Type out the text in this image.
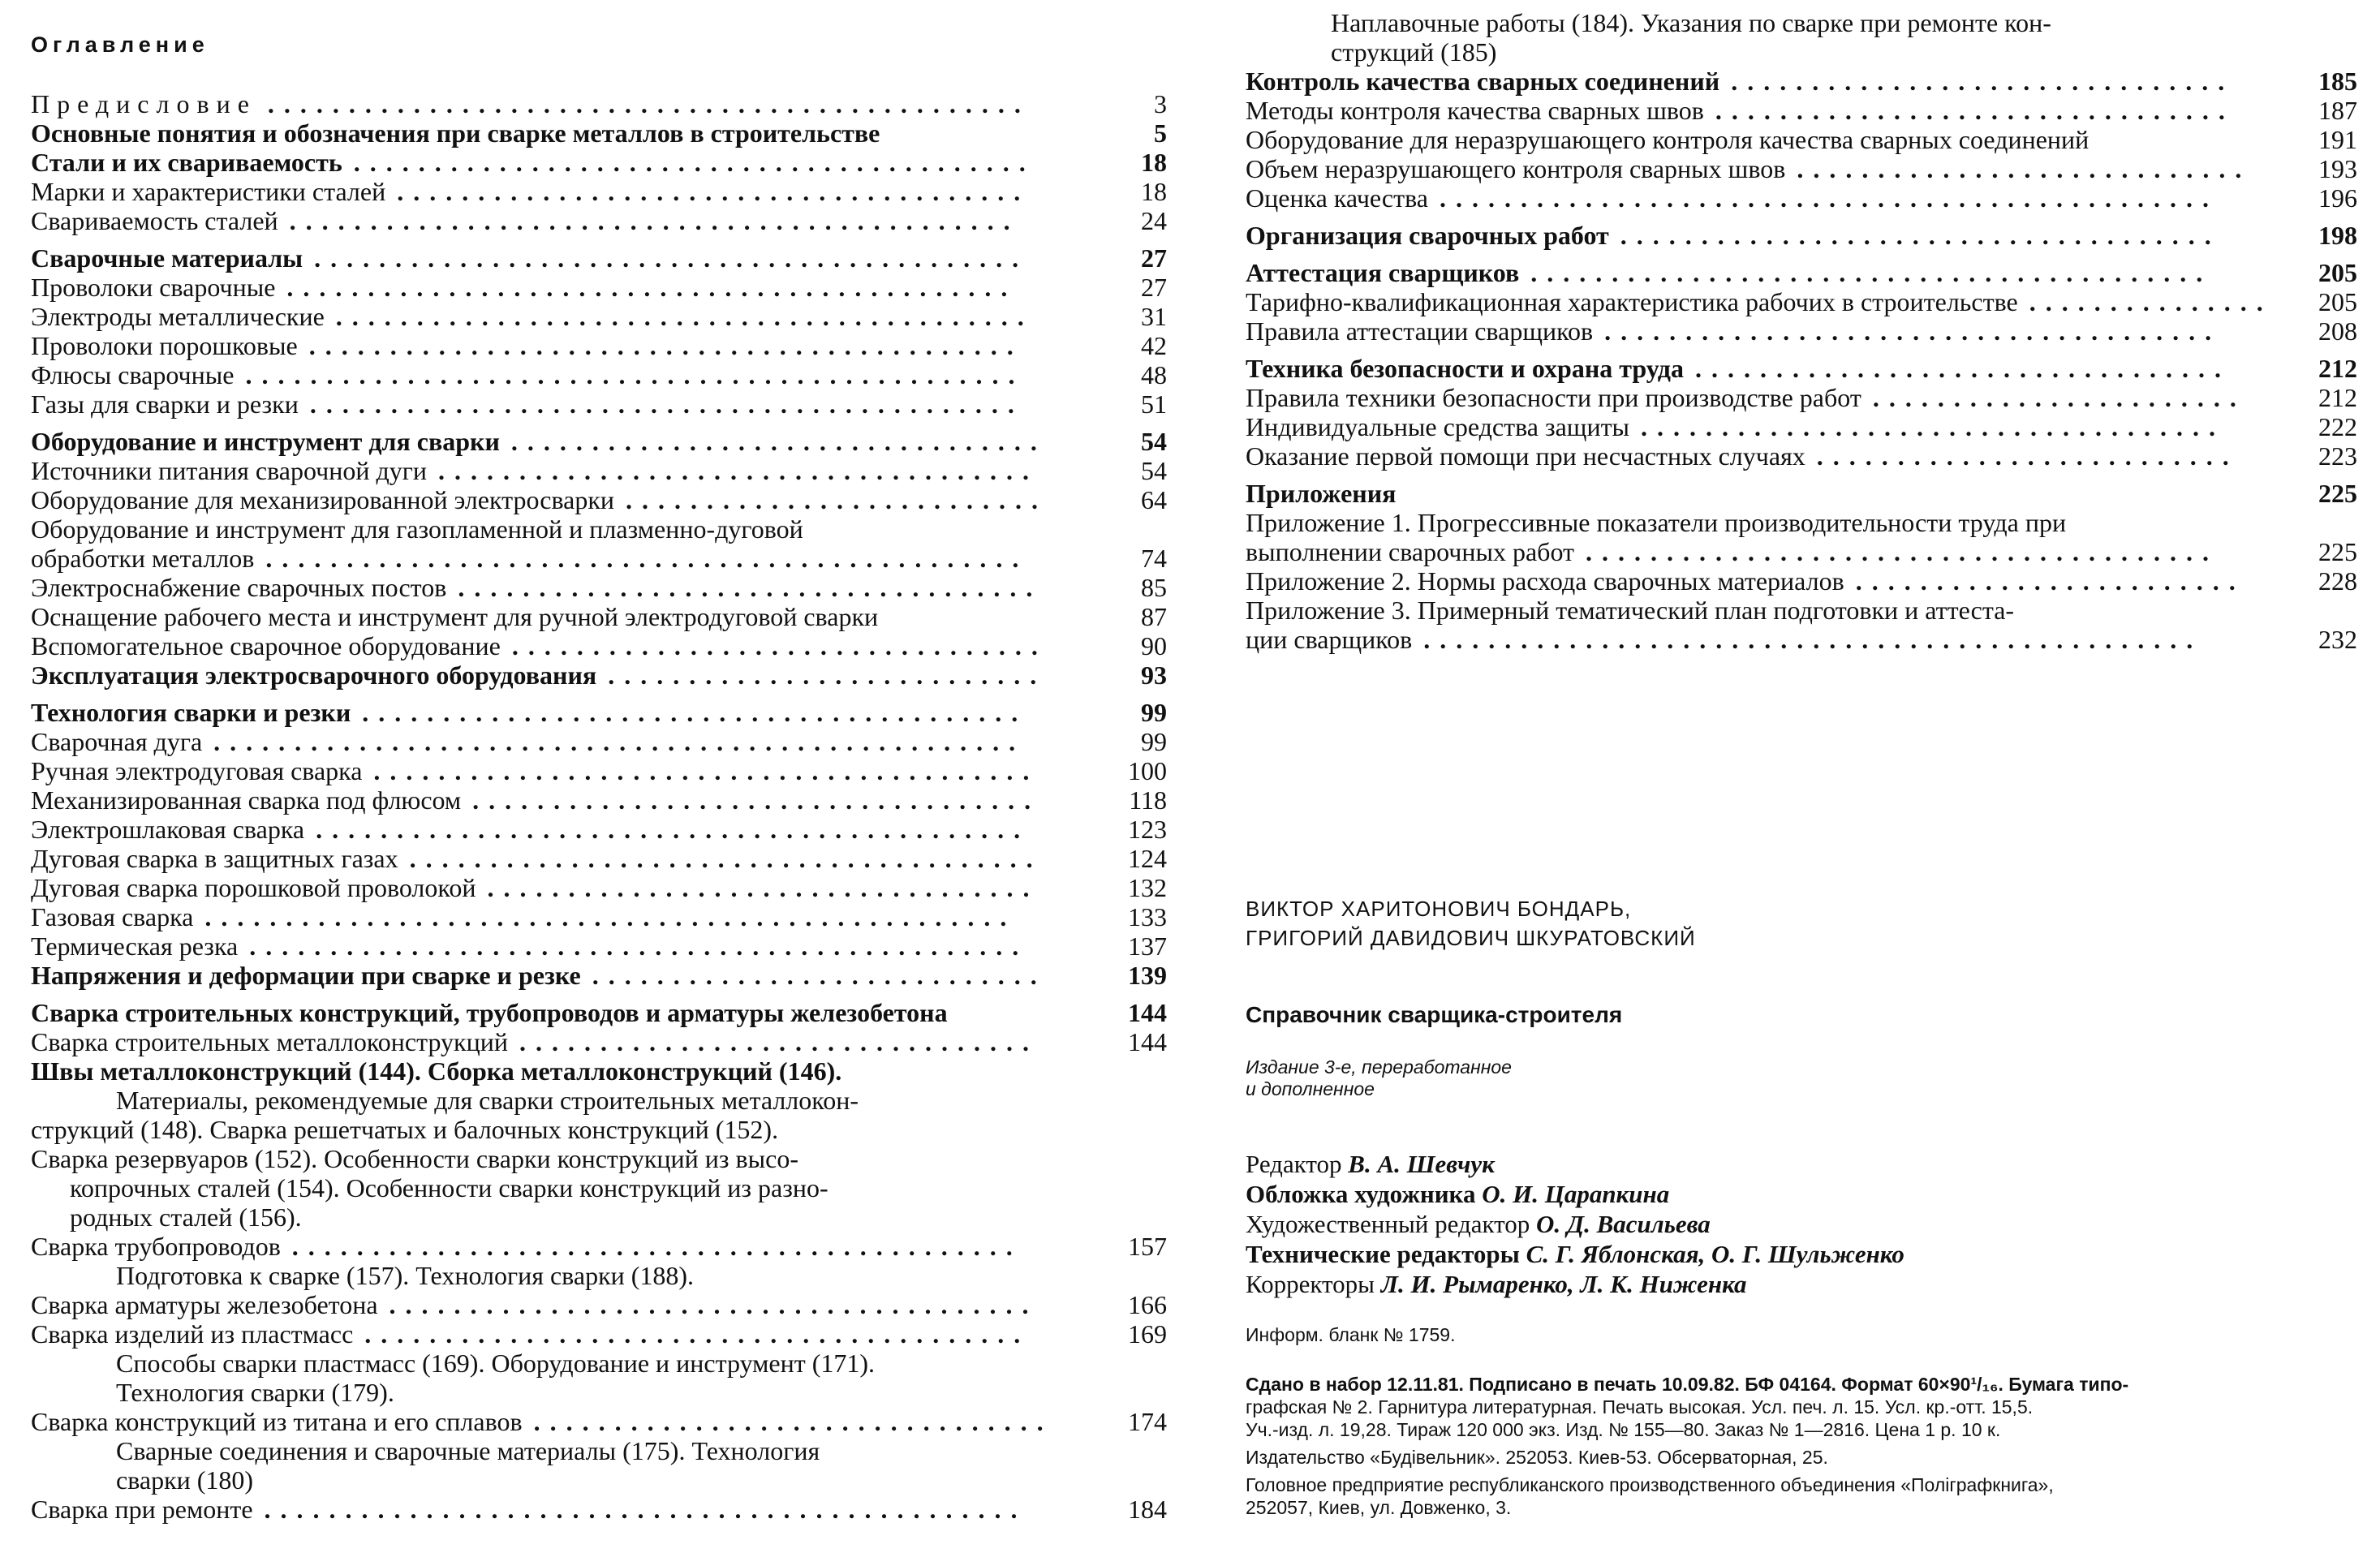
Оглавление
Предисловие	3
...............................................
Основные понятия и обозначения при сварке металлов в строительстве	5
Стали и их свариваемость	18
..........................................
Марки и характеристики сталей	18
.......................................
Свариваемость сталей	24
.............................................
Сварочные материалы	27
............................................
Проволоки сварочные	27
.............................................
Электроды металлические	31
...........................................
Проволоки порошковые	42
............................................
Флюсы сварочные	48
................................................
Газы для сварки и резки	51
............................................
Оборудование и инструмент для сварки	54
.................................
Источники питания сварочной дуги	54
.....................................
Оборудование для механизированной электросварки	64
..........................
Оборудование и инструмент для газопламенной и плазменно-дуговой
обработки металлов	74
...............................................
Электроснабжение сварочных постов	85
....................................
Оснащение рабочего места и инструмент для ручной электродуговой сварки	87
Вспомогательное сварочное оборудование	90
.................................
Эксплуатация электросварочного оборудования	93
...........................
Технология сварки и резки	99
.........................................
Сварочная дуга	99
..................................................
Ручная электродуговая сварка	100
.........................................
Механизированная сварка под флюсом	118
...................................
Электрошлаковая сварка	123
............................................
Дуговая сварка в защитных газах	124
.......................................
Дуговая сварка порошковой проволокой	132
..................................
Газовая сварка	133
..................................................
Термическая резка	137
................................................
Напряжения и деформации при сварке и резке	139
............................
Сварка строительных конструкций, трубопроводов и арматуры железобетона	144
Сварка строительных металлоконструкций	144
................................
Швы металлоконструкций (144). Сборка металлоконструкций (146).
Материалы, рекомендуемые для сварки строительных металлокон-
струкций (148). Сварка решетчатых и балочных конструкций (152).
Сварка резервуаров (152). Особенности сварки конструкций из высо-
копрочных сталей (154). Особенности сварки конструкций из разно-
родных сталей (156).
Сварка трубопроводов	157
.............................................
Подготовка к сварке (157). Технология сварки (188).
Сварка арматуры железобетона	166
........................................
Сварка изделий из пластмасс	169
.........................................
Способы сварки пластмасс (169). Оборудование и инструмент (171).
Технология сварки (179).
Сварка конструкций из титана и его сплавов	174
................................
Сварные соединения и сварочные материалы (175). Технология
сварки (180)
Сварка при ремонте	184
...............................................
Наплавочные работы (184). Указания по сварке при ремонте кон-
струкций (185)
Контроль качества сварных соединений	185
...............................
Методы контроля качества сварных швов	187
................................
Оборудование для неразрушающего контроля качества сварных соединений	191
Объем неразрушающего контроля сварных швов	193
............................
Оценка качества	196
................................................
Организация сварочных работ	198
.....................................
Аттестация сварщиков	205
..........................................
Тарифно-квалификационная характеристика рабочих в строительстве	205
...............
Правила аттестации сварщиков	208
......................................
Техника безопасности и охрана труда	212
.................................
Правила техники безопасности при производстве работ	212
.......................
Индивидуальные средства защиты	222
....................................
Оказание первой помощи при несчастных случаях	223
..........................
Приложения	225
Приложение 1. Прогрессивные показатели производительности труда при
выполнении сварочных работ	225
.......................................
Приложение 2. Нормы расхода сварочных материалов	228
........................
Приложение 3. Примерный тематический план подготовки и аттеста-
ции сварщиков	232
................................................
ВИКТОР ХАРИТОНОВИЧ БОНДАРЬ,
ГРИГОРИЙ ДАВИДОВИЧ ШКУРАТОВСКИЙ
Справочник сварщика-строителя
Издание 3-е, переработанное
и дополненное
Редактор В. А. Шевчук
Обложка художника О. И. Царапкина
Художественный редактор О. Д. Васильева
Технические редакторы С. Г. Яблонская, О. Г. Шульженко
Корректоры Л. И. Рымаренко, Л. К. Ниженка
Информ. бланк № 1759.

Сдано в набор 12.11.81. Подписано в печать 10.09.82. БФ 04164. Формат 60×90¹/₁₆. Бумага типо-

графская № 2. Гарнитура литературная. Печать высокая. Усл. печ. л. 15. Усл. кр.-отт. 15,5.

Уч.-изд. л. 19,28. Тираж 120 000 экз. Изд. № 155—80. Заказ № 1—2816. Цена 1 р. 10 к.

Издательство «Будiвельник». 252053. Киев-53. Обсерваторная, 25.

Головное предприятие республиканского производственного объединения «Полiграфкнига»,

252057, Киев, ул. Довженко, 3.
